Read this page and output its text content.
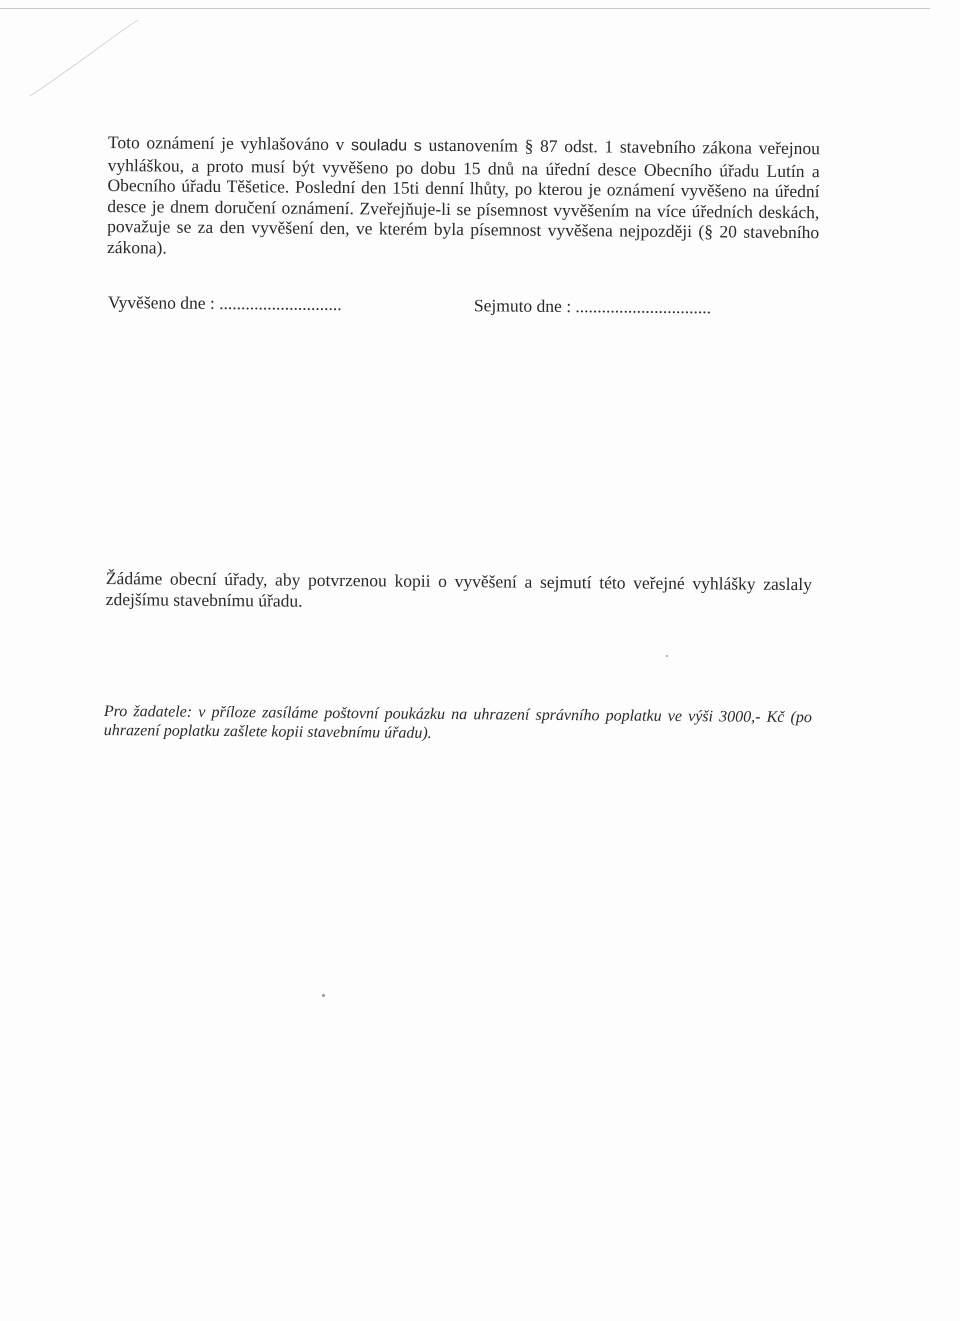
Toto oznámení je vyhlašováno v souladu s ustanovením § 87 odst. 1 stavebního zákona veřejnou vyhláškou, a proto musí být vyvěšeno po dobu 15 dnů na úřední desce Obecního úřadu Lutín a Obecního úřadu Těšetice. Poslední den 15ti denní lhůty, po kterou je oznámení vyvěšeno na úřední desce je dnem doručení oznámení. Zveřejňuje-li se písemnost vyvěšením na více úředních deskách, považuje se za den vyvěšení den, ve kterém byla písemnost vyvěšena nejpozději (§ 20 stavebního zákona).
Vyvěšeno dne : ............................	Sejmuto dne : ...............................
Žádáme obecní úřady, aby potvrzenou kopii o vyvěšení a sejmutí této veřejné vyhlášky zaslaly zdejšímu stavebnímu úřadu.
Pro žadatele: v příloze zasíláme poštovní poukázku na uhrazení správního poplatku ve výši 3000,- Kč (po uhrazení poplatku zašlete kopii stavebnímu úřadu).
